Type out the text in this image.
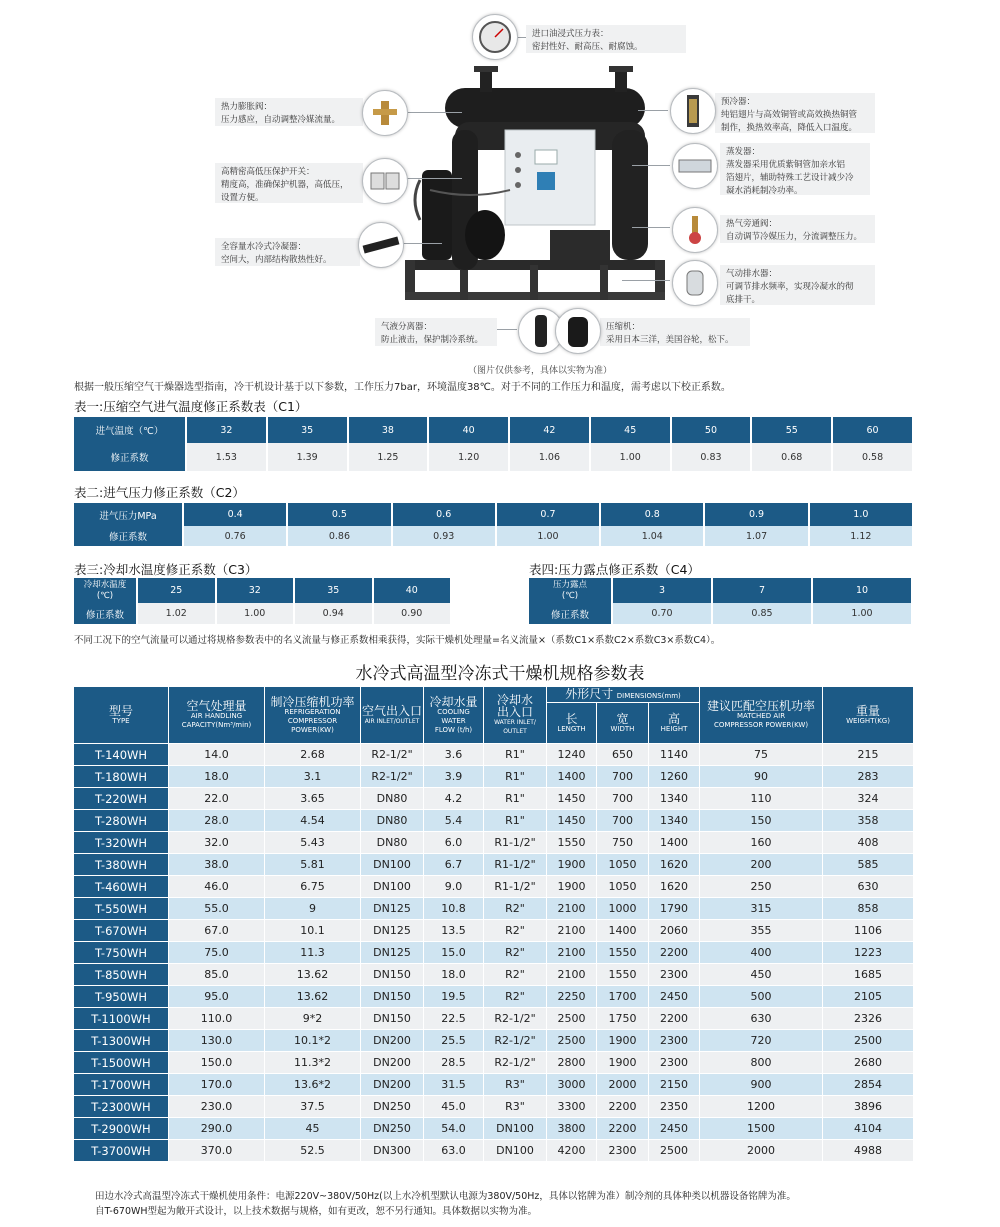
进口油浸式压力表：
密封性好、耐高压、耐腐蚀。
热力膨胀阀：
压力感应，自动调整冷媒流量。
预冷器：
纯铝翅片与高效铜管或高效换热铜管
制作，换热效率高，降低入口温度。
高精密高低压保护开关：
精度高，准确保护机器，高低压，
设置方便。
蒸发器：
蒸发器采用优质紫铜管加亲水铝
箔翅片，辅助特殊工艺设计减少冷
凝水消耗制冷功率。
热气旁通阀：
自动调节冷媒压力，分流调整压力。
全容量水冷式冷凝器：
空间大，内部结构散热性好。
气动排水器：
可调节排水频率，实现冷凝水的彻
底排干。
气液分离器：
防止液击，保护制冷系统。
压缩机：
采用日本三洋，美国谷轮，松下。
（图片仅供参考，具体以实物为准）
根据一般压缩空气干燥器选型指南，冷干机设计基于以下参数，工作压力7bar，环境温度38℃。对于不同的工作压力和温度，需考虑以下校正系数。
表一:压缩空气进气温度修正系数表（C1）
进气温度（℃）	32	35	38	40	42	45	50	55	60
修正系数	1.53	1.39	1.25	1.20	1.06	1.00	0.83	0.68	0.58
表二:进气压力修正系数（C2）
进气压力MPa	0.4	0.5	0.6	0.7	0.8	0.9	1.0
修正系数	0.76	0.86	0.93	1.00	1.04	1.07	1.12
表三:冷却水温度修正系数（C3）
冷却水温度
(℃)	25	32	35	40
修正系数	1.02	1.00	0.94	0.90
表四:压力露点修正系数（C4）
压力露点
(℃)	3	7	10
修正系数	0.70	0.85	1.00
不同工况下的空气流量可以通过将规格参数表中的名义流量与修正系数相乘获得，实际干燥机处理量=名义流量×（系数C1×系数C2×系数C3×系数C4）。
水冷式高温型冷冻式干燥机规格参数表
型号
TYPE	空气处理量
AIR HANDLING
CAPACITY(Nm³/min)	制冷压缩机功率
REFRIGERATION
COMPRESSOR
POWER(KW)	空气出入口
AIR INLET/OUTLET	冷却水量
COOLING
WATER
FLOW (t/h)	冷却水
出入口
WATER INLET/
OUTLET	外形尺寸 DIMENSIONS(mm)			建议匹配空压机功率
MATCHED AIR
COMPRESSOR POWER(KW)	重量
WEIGHT(KG)

						长
LENGTH	宽
WIDTH	高
HEIGHT		

T-140WH	14.0	2.68	R2-1/2"	3.6	R1"	1240	650	1140	75	215
T-180WH	18.0	3.1	R2-1/2"	3.9	R1"	1400	700	1260	90	283
T-220WH	22.0	3.65	DN80	4.2	R1"	1450	700	1340	110	324
T-280WH	28.0	4.54	DN80	5.4	R1"	1450	700	1340	150	358
T-320WH	32.0	5.43	DN80	6.0	R1-1/2"	1550	750	1400	160	408
T-380WH	38.0	5.81	DN100	6.7	R1-1/2"	1900	1050	1620	200	585
T-460WH	46.0	6.75	DN100	9.0	R1-1/2"	1900	1050	1620	250	630
T-550WH	55.0	9	DN125	10.8	R2"	2100	1000	1790	315	858
T-670WH	67.0	10.1	DN125	13.5	R2"	2100	1400	2060	355	1106
T-750WH	75.0	11.3	DN125	15.0	R2"	2100	1550	2200	400	1223
T-850WH	85.0	13.62	DN150	18.0	R2"	2100	1550	2300	450	1685
T-950WH	95.0	13.62	DN150	19.5	R2"	2250	1700	2450	500	2105
T-1100WH	110.0	9*2	DN150	22.5	R2-1/2"	2500	1750	2200	630	2326
T-1300WH	130.0	10.1*2	DN200	25.5	R2-1/2"	2500	1900	2300	720	2500
T-1500WH	150.0	11.3*2	DN200	28.5	R2-1/2"	2800	1900	2300	800	2680
T-1700WH	170.0	13.6*2	DN200	31.5	R3"	3000	2000	2150	900	2854
T-2300WH	230.0	37.5	DN250	45.0	R3"	3300	2200	2350	1200	3896
T-2900WH	290.0	45	DN250	54.0	DN100	3800	2200	2450	1500	4104
T-3700WH	370.0	52.5	DN300	63.0	DN100	4200	2300	2500	2000	4988
田边水冷式高温型冷冻式干燥机使用条件：电源220V~380V/50Hz(以上水冷机型默认电源为380V/50Hz，具体以铭牌为准）制冷剂的具体种类以机器设备铭牌为准。
自T-670WH型起为敞开式设计，以上技术数据与规格，如有更改，恕不另行通知。具体数据以实物为准。
